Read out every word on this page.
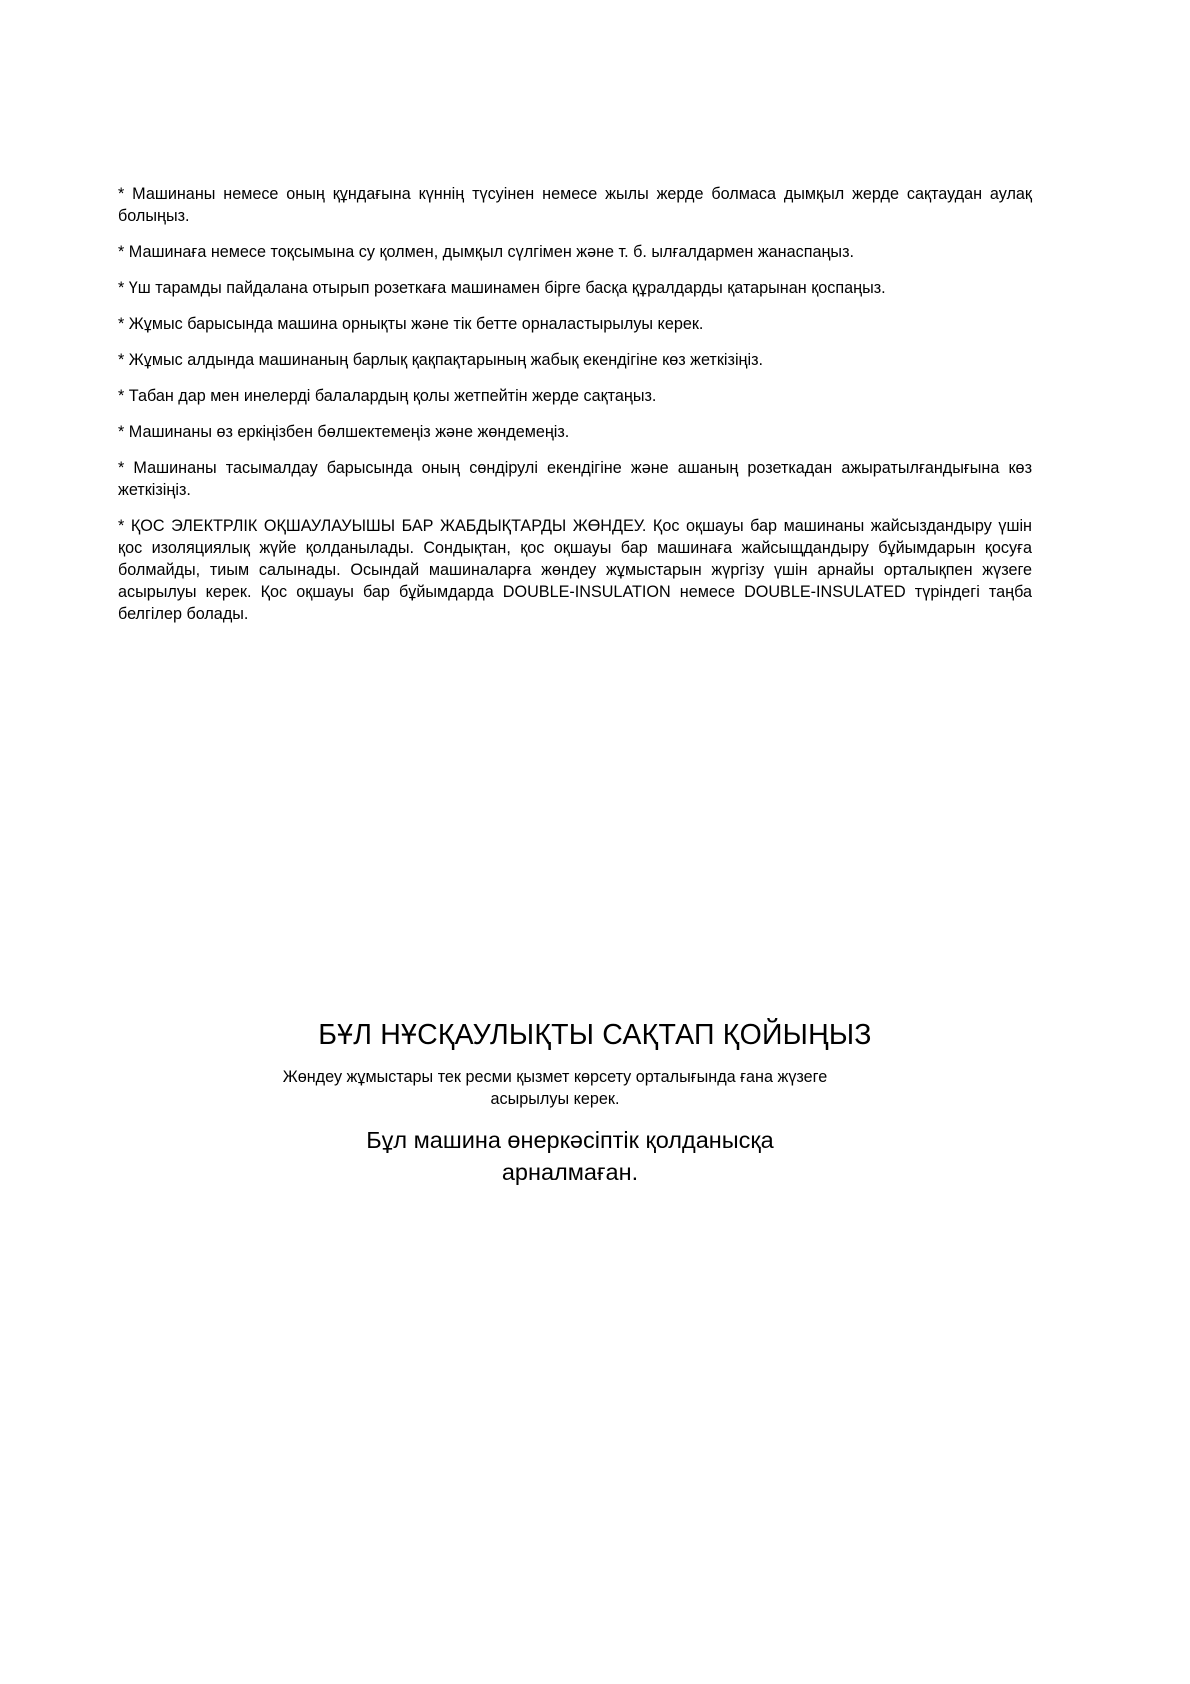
* Машинаны немесе оның құндағына күннің түсуінен немесе жылы жерде болмаса дымқыл жерде сақтаудан аулақ болыңыз.
* Машинаға немесе тоқсымына су қолмен, дымқыл сүлгімен және т. б. ылғалдармен жанаспаңыз.
* Үш тарамды пайдалана отырып розеткаға машинамен бірге басқа құралдарды қатарынан қоспаңыз.
* Жұмыс барысында машина орнықты және тік бетте орналастырылуы керек.
* Жұмыс алдында машинаның барлық қақпақтарының жабық екендігіне көз жеткізіңіз.
* Табан дар мен инелерді балалардың қолы жетпейтін жерде сақтаңыз.
* Машинаны өз еркіңізбен бөлшектемеңіз және жөндемеңіз.
* Машинаны тасымалдау барысында оның сөндірулі екендігіне және ашаның розеткадан ажыратылғандығына көз жеткізіңіз.
* ҚОС ЭЛЕКТРЛІК ОҚШАУЛАУЫШЫ БАР ЖАБДЫҚТАРДЫ ЖӨНДЕУ. Қос оқшауы бар машинаны жайсыздандыру үшін қос изоляциялық жүйе қолданылады. Сондықтан, қос оқшауы бар машинаға жайсыщдандыру бұйымдарын қосуға болмайды, тиым салынады. Осындай машиналарға жөндеу жұмыстарын жүргізу үшін арнайы орталықпен жүзеге асырылуы керек. Қос оқшауы бар бұйымдарда DOUBLE-INSULATION немесе DOUBLE-INSULATED түріндегі таңба белгілер болады.
БҰЛ НҰСҚАУЛЫҚТЫ САҚТАП ҚОЙЫҢЫЗ

Жөндеу жұмыстары тек ресми қызмет көрсету орталығында ғана жүзеге асырылуы керек.

Бұл машина өнеркәсіптік қолданысқа арналмаған.
